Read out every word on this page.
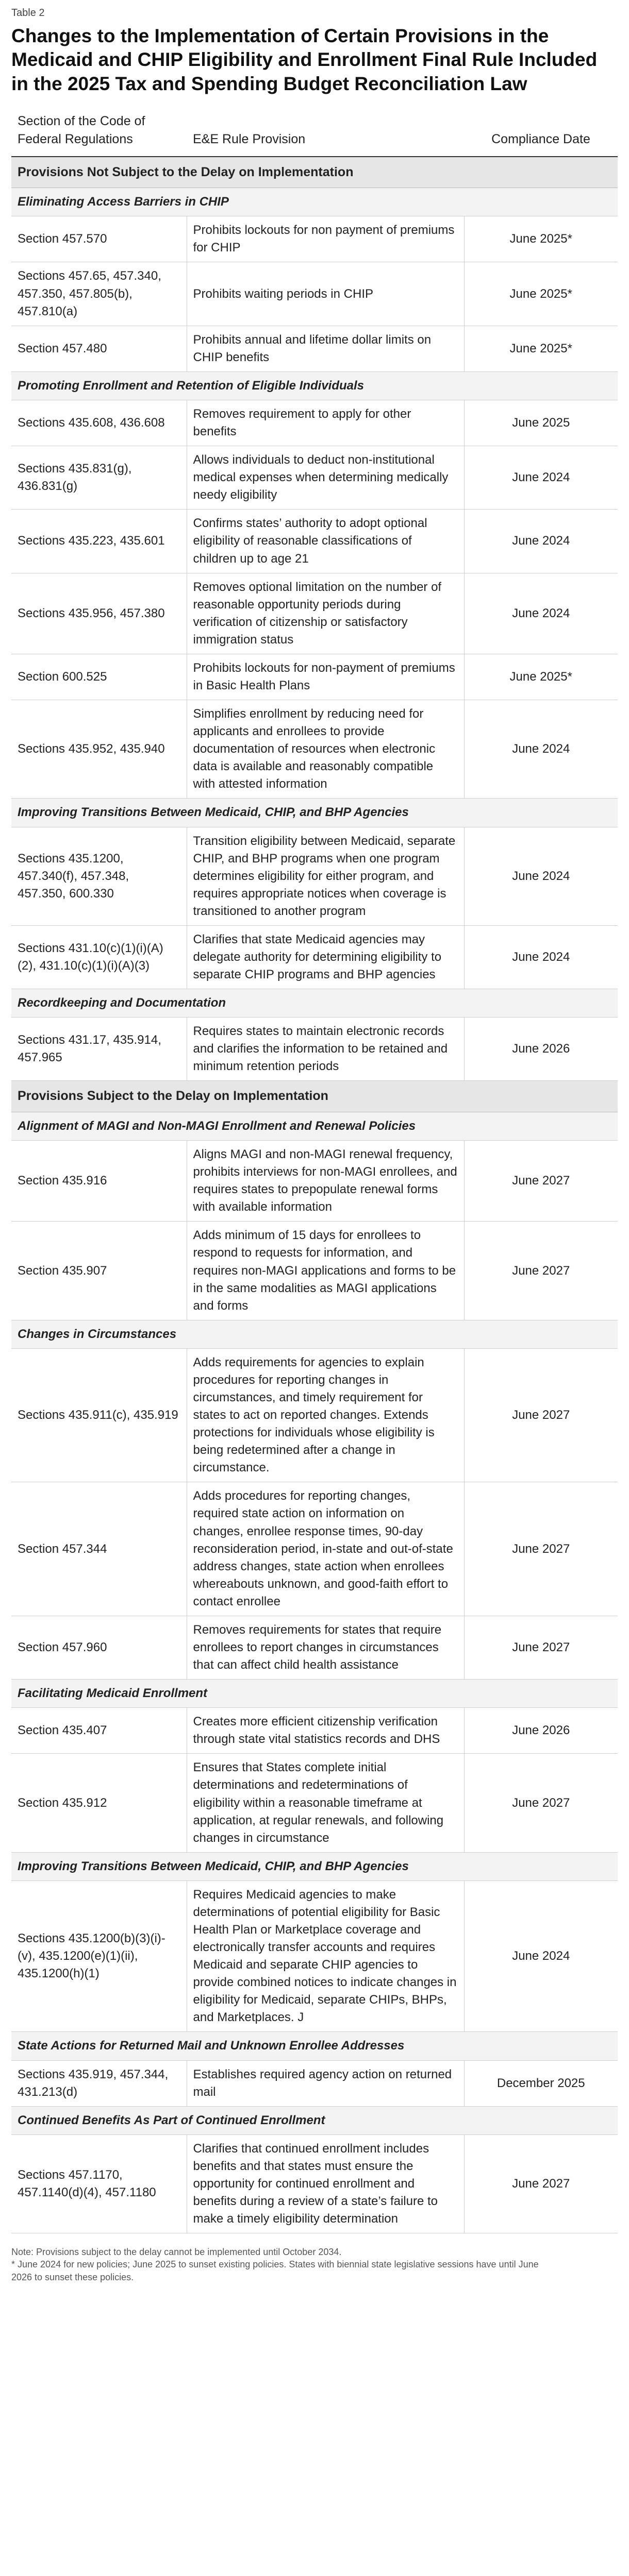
Table 2
Changes to the Implementation of Certain Provisions in the Medicaid and CHIP Eligibility and Enrollment Final Rule Included in the 2025 Tax and Spending Budget Reconciliation Law
Section of the Code of Federal Regulations	E&E Rule Provision	Compliance Date
Provisions Not Subject to the Delay on Implementation		
Eliminating Access Barriers in CHIP		
Section 457.570	Prohibits lockouts for non payment of premiums for CHIP	June 2025*
Sections 457.65, 457.340, 457.350, 457.805(b), 457.810(a)	Prohibits waiting periods in CHIP	June 2025*
Section 457.480	Prohibits annual and lifetime dollar limits on CHIP benefits	June 2025*
Promoting Enrollment and Retention of Eligible Individuals		
Sections 435.608, 436.608	Removes requirement to apply for other benefits	June 2025
Sections 435.831(g), 436.831(g)	Allows individuals to deduct non-institutional medical expenses when determining medically needy eligibility	June 2024
Sections 435.223, 435.601	Confirms states’ authority to adopt optional eligibility of reasonable classifications of children up to age 21	June 2024
Sections 435.956, 457.380	Removes optional limitation on the number of reasonable opportunity periods during verification of citizenship or satisfactory immigration status	June 2024
Section 600.525	Prohibits lockouts for non-payment of premiums in Basic Health Plans	June 2025*
Sections 435.952, 435.940	Simplifies enrollment by reducing need for applicants and enrollees to provide documentation of resources when electronic data is available and reasonably compatible with attested information	June 2024
Improving Transitions Between Medicaid, CHIP, and BHP Agencies		
Sections 435.1200, 457.340(f), 457.348, 457.350, 600.330	Transition eligibility between Medicaid, separate CHIP, and BHP programs when one program determines eligibility for either program, and requires appropriate notices when coverage is transitioned to another program	June 2024
Sections 431.10(c)(1)(i)(A)(2), 431.10(c)(1)(i)(A)(3)	Clarifies that state Medicaid agencies may delegate authority for determining eligibility to separate CHIP programs and BHP agencies	June 2024
Recordkeeping and Documentation		
Sections 431.17, 435.914, 457.965	Requires states to maintain electronic records and clarifies the information to be retained and minimum retention periods	June 2026
Provisions Subject to the Delay on Implementation		
Alignment of MAGI and Non-MAGI Enrollment and Renewal Policies		
Section 435.916	Aligns MAGI and non-MAGI renewal frequency, prohibits interviews for non-MAGI enrollees, and requires states to prepopulate renewal forms with available information	June 2027
Section 435.907	Adds minimum of 15 days for enrollees to respond to requests for information, and requires non-MAGI applications and forms to be in the same modalities as MAGI applications and forms	June 2027
Changes in Circumstances		
Sections 435.911(c), 435.919	Adds requirements for agencies to explain procedures for reporting changes in circumstances, and timely requirement for states to act on reported changes. Extends protections for individuals whose eligibility is being redetermined after a change in circumstance.	June 2027
Section 457.344	Adds procedures for reporting changes, required state action on information on changes, enrollee response times, 90-day reconsideration period, in-state and out-of-state address changes, state action when enrollees whereabouts unknown, and good-faith effort to contact enrollee	June 2027
Section 457.960	Removes requirements for states that require enrollees to report changes in circumstances that can affect child health assistance	June 2027
Facilitating Medicaid Enrollment		
Section 435.407	Creates more efficient citizenship verification through state vital statistics records and DHS	June 2026
Section 435.912	Ensures that States complete initial determinations and redeterminations of eligibility within a reasonable timeframe at application, at regular renewals, and following changes in circumstance	June 2027
Improving Transitions Between Medicaid, CHIP, and BHP Agencies		
Sections 435.1200(b)(3)(i)-(v), 435.1200(e)(1)(ii), 435.1200(h)(1)	Requires Medicaid agencies to make determinations of potential eligibility for Basic Health Plan or Marketplace coverage and electronically transfer accounts and requires Medicaid and separate CHIP agencies to provide combined notices to indicate changes in eligibility for Medicaid, separate CHIPs, BHPs, and Marketplaces. J	June 2024
State Actions for Returned Mail and Unknown Enrollee Addresses		
Sections 435.919, 457.344, 431.213(d)	Establishes required agency action on returned mail	December 2025
Continued Benefits As Part of Continued Enrollment		
Sections 457.1170, 457.1140(d)(4), 457.1180	Clarifies that continued enrollment includes benefits and that states must ensure the opportunity for continued enrollment and benefits during a review of a state’s failure to make a timely eligibility determination	June 2027

Note: Provisions subject to the delay cannot be implemented until October 2034.

* June 2024 for new policies; June 2025 to sunset existing policies. States with biennial state legislative sessions have until June 2026 to sunset these policies.
